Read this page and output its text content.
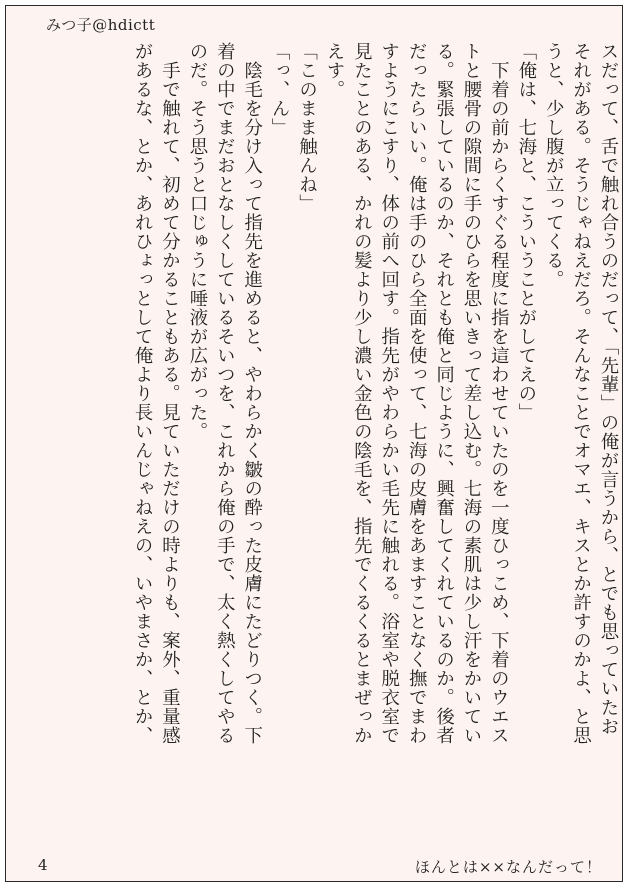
みつ子@hdictt

スだって、舌で触れ合うのだって、「先輩」の俺が言うから、とでも思っていたお

それがある。そうじゃねえだろ。そんなことでオマエ、キスとか許すのかよ、と思

うと、少し腹が立ってくる。

「俺は、七海と、こういうことがしてえの」

　下着の前からくすぐる程度に指を這わせていたのを一度ひっこめ、下着のウエス

トと腰骨の隙間に手のひらを思いきって差し込む。七海の素肌は少し汗をかいてい

る。緊張しているのか、それとも俺と同じように、興奮してくれているのか。後者

だったらいい。俺は手のひら全面を使って、七海の皮膚をあますことなく撫でまわ

すようにこすり、体の前へ回す。指先がやわらかい毛先に触れる。浴室や脱衣室で

見たことのある、かれの髪より少し濃い金色の陰毛を、指先でくるくるとまぜっか

えす。

「このまま触んね」

「っ、ん」

　陰毛を分け入って指先を進めると、やわらかく皺の酔った皮膚にたどりつく。下

着の中でまだおとなしくしているそいつを、これから俺の手で、太く熱くしてやる

のだ。そう思うと口じゅうに唾液が広がった。

　手で触れて、初めて分かることもある。見ていただけの時よりも、案外、重量感

があるな、とか、あれひょっとして俺より長いんじゃねえの、いやまさか、とか、

4	ほんとは××なんだって！
